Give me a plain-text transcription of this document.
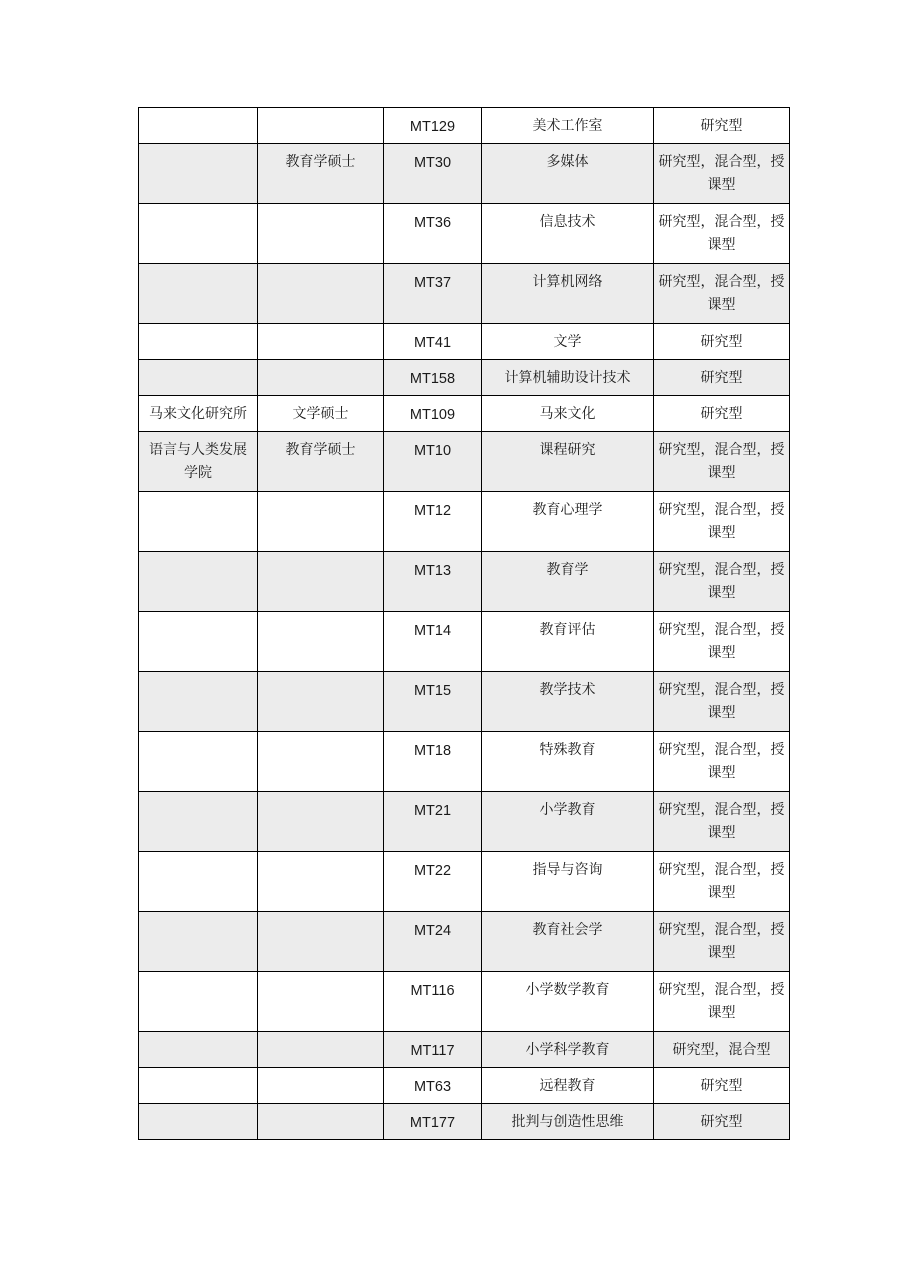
		MT129	美术工作室	研究型
	教育学硕士	MT30	多媒体	研究型，混合型，授课型
		MT36	信息技术	研究型，混合型，授课型
		MT37	计算机网络	研究型，混合型，授课型
		MT41	文学	研究型
		MT158	计算机辅助设计技术	研究型
马来文化研究所	文学硕士	MT109	马来文化	研究型
语言与人类发展学院	教育学硕士	MT10	课程研究	研究型，混合型，授课型
		MT12	教育心理学	研究型，混合型，授课型
		MT13	教育学	研究型，混合型，授课型
		MT14	教育评估	研究型，混合型，授课型
		MT15	教学技术	研究型，混合型，授课型
		MT18	特殊教育	研究型，混合型，授课型
		MT21	小学教育	研究型，混合型，授课型
		MT22	指导与咨询	研究型，混合型，授课型
		MT24	教育社会学	研究型，混合型，授课型
		MT116	小学数学教育	研究型，混合型，授课型
		MT117	小学科学教育	研究型，混合型
		MT63	远程教育	研究型
		MT177	批判与创造性思维	研究型
